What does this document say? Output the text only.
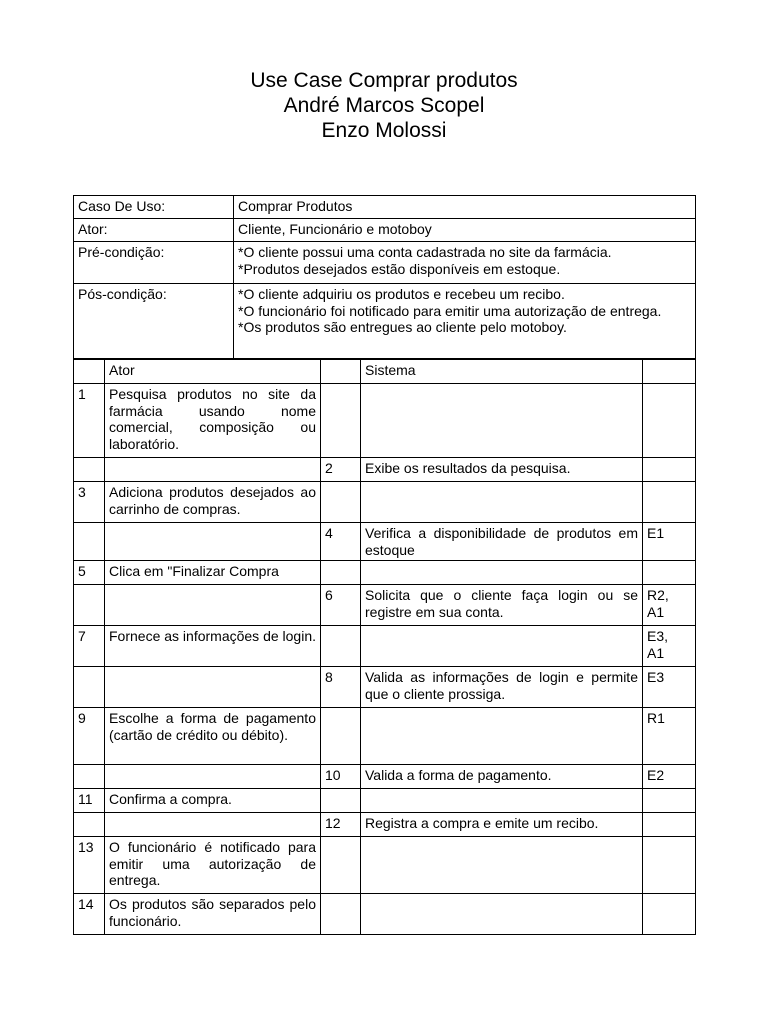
Use Case Comprar produtos
André Marcos Scopel
Enzo Molossi
Caso De Uso:	Comprar Produtos
Ator:	Cliente, Funcionário e motoboy
Pré-condição:	*O cliente possui uma conta cadastrada no site da farmácia.
*Produtos desejados estão disponíveis em estoque.
Pós-condição:	*O cliente adquiriu os produtos e recebeu um recibo.
*O funcionário foi notificado para emitir uma autorização de entrega.
*Os produtos são entregues ao cliente pelo motoboy.
	Ator		Sistema	
1	Pesquisa produtos no site da farmácia usando nome comercial, composição ou laboratório.			
		2	Exibe os resultados da pesquisa.	
3	Adiciona produtos desejados ao carrinho de compras.			
		4	Verifica a disponibilidade de produtos em estoque	E1
5	Clica em "Finalizar Compra			
		6	Solicita que o cliente faça login ou se registre em sua conta.	R2,
A1
7	Fornece as informações de login.			E3,
A1
		8	Valida as informações de login e permite que o cliente prossiga.	E3
9	Escolhe a forma de pagamento (cartão de crédito ou débito).			R1
		10	Valida a forma de pagamento.	E2
11	Confirma a compra.			
		12	Registra a compra e emite um recibo.	
13	O funcionário é notificado para emitir uma autorização de entrega.			
14	Os produtos são separados pelo funcionário.			
